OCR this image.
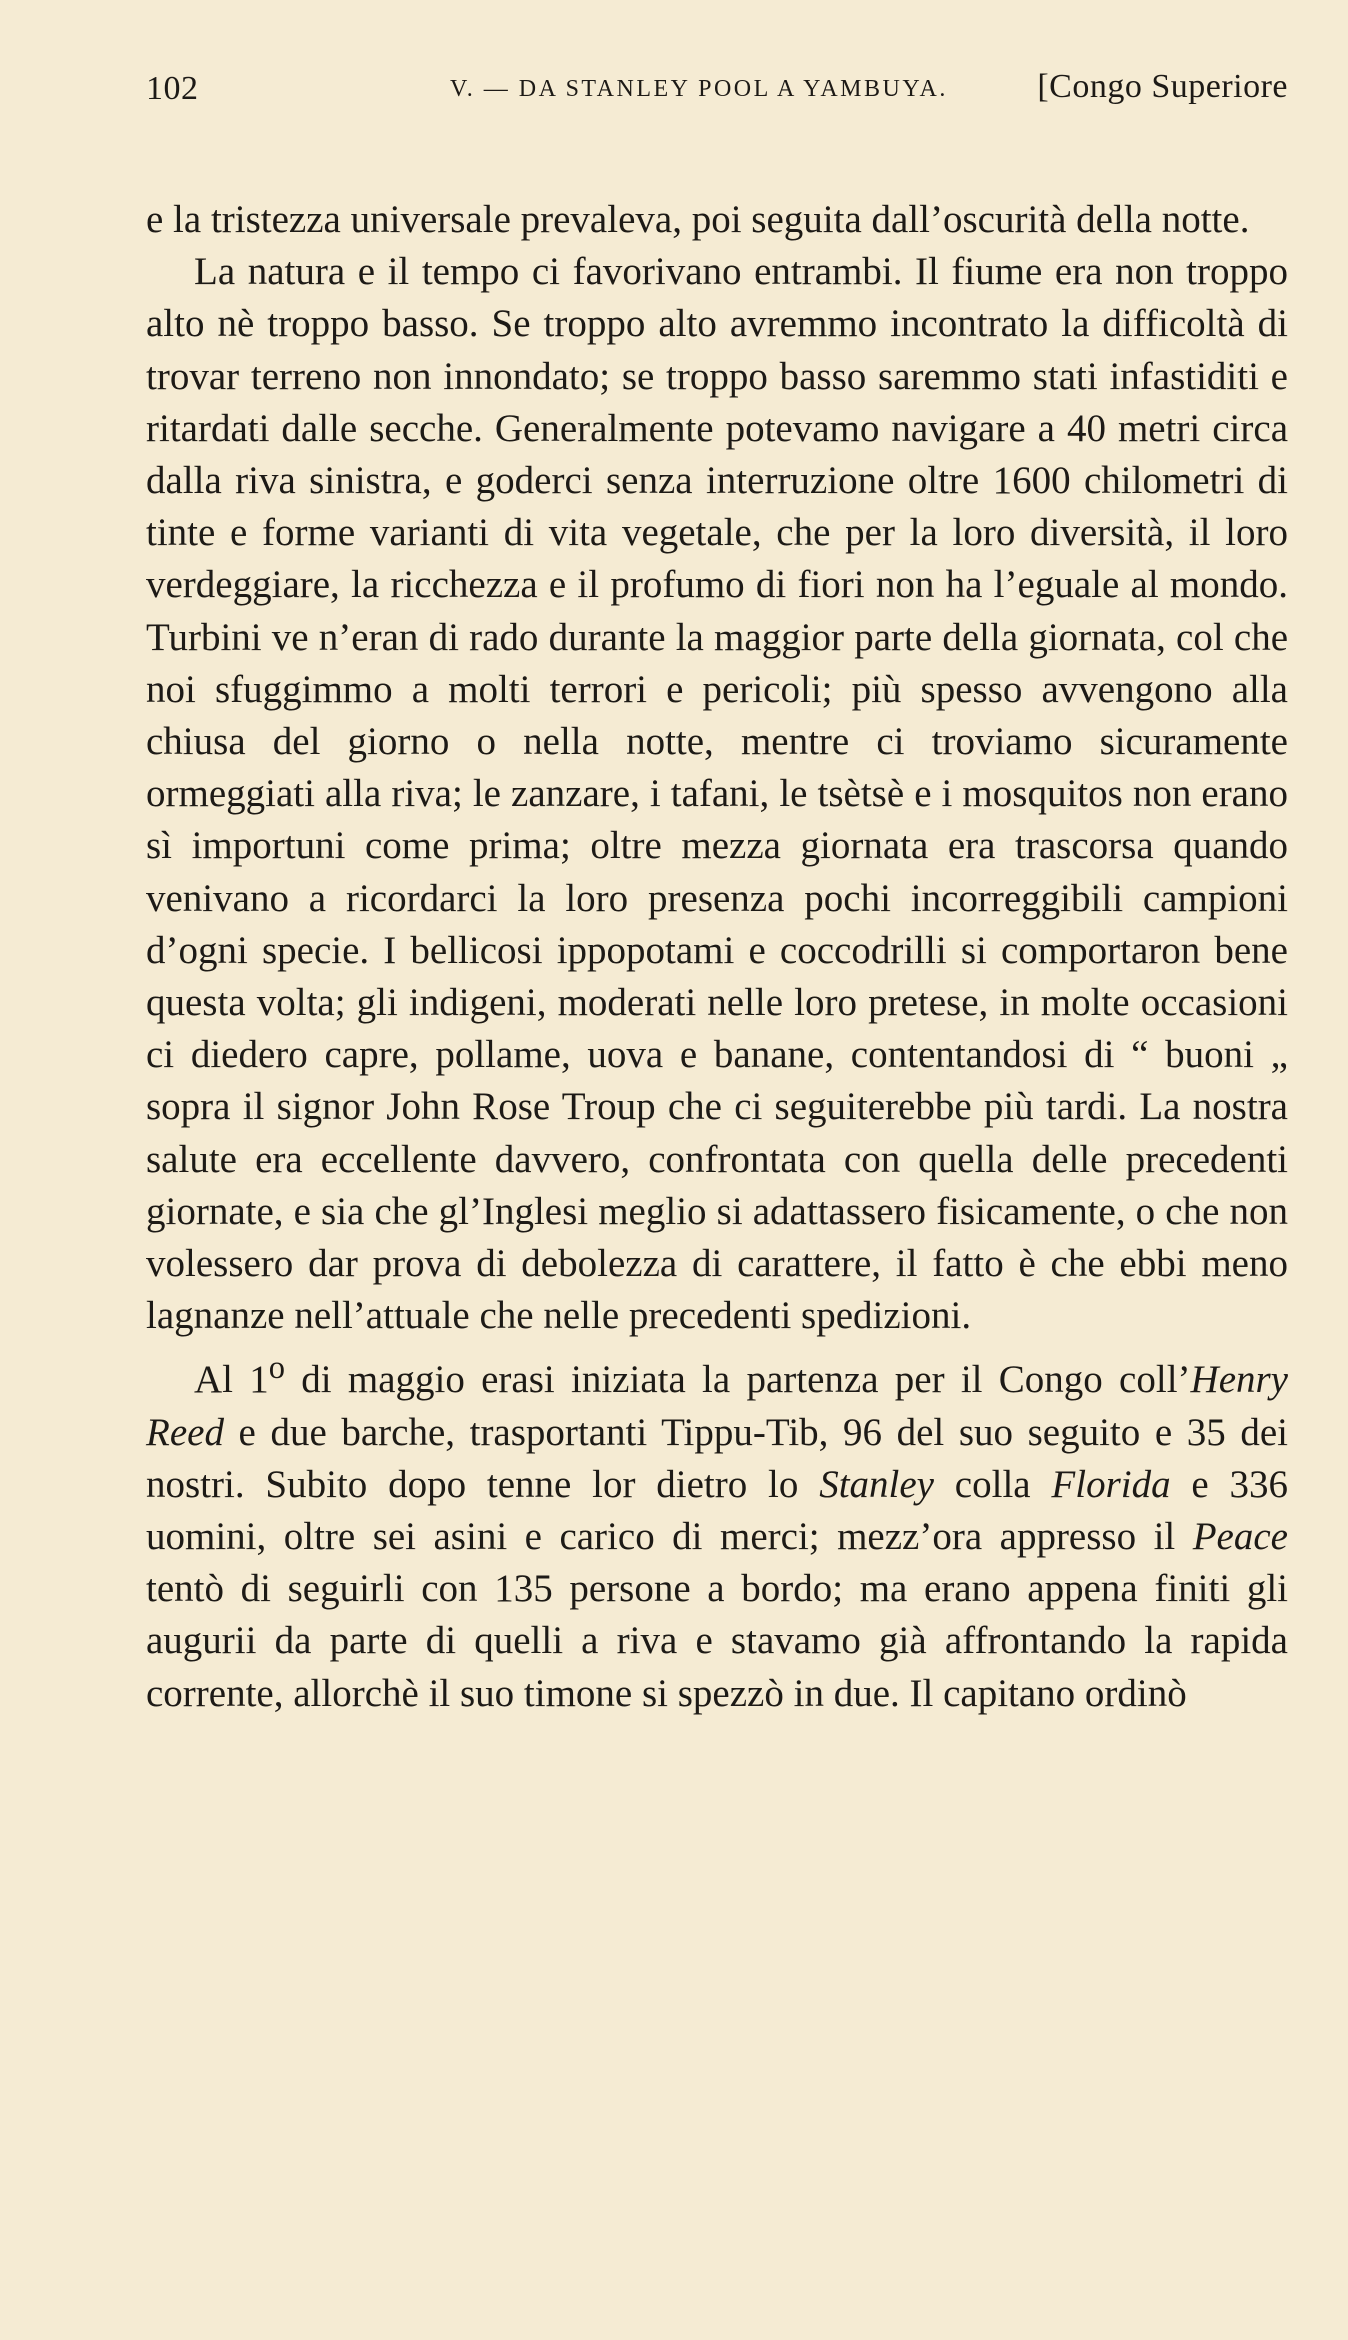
102	V. — DA STANLEY POOL A YAMBUYA.	[Congo Superiore

e la tristezza universale prevaleva, poi seguita dall’oscurità della notte.

La natura e il tempo ci favorivano entrambi. Il fiume era non troppo alto nè troppo basso. Se troppo alto avremmo incontrato la difficoltà di trovar terreno non innondato; se troppo basso saremmo stati infastiditi e ritardati dalle secche. Generalmente potevamo navigare a 40 metri circa dalla riva sinistra, e goderci senza interruzione oltre 1600 chilometri di tinte e forme varianti di vita vegetale, che per la loro diversità, il loro verdeggiare, la ricchezza e il profumo di fiori non ha l’eguale al mondo. Turbini ve n’eran di rado durante la maggior parte della giornata, col che noi sfuggimmo a molti terrori e pericoli; più spesso avvengono alla chiusa del giorno o nella notte, mentre ci troviamo sicuramente ormeggiati alla riva; le zanzare, i tafani, le tsètsè e i mosquitos non erano sì importuni come prima; oltre mezza giornata era trascorsa quando venivano a ricordarci la loro presenza pochi incorreggibili campioni d’ogni specie. I bellicosi ippopotami e coccodrilli si comportaron bene questa volta; gli indigeni, moderati nelle loro pretese, in molte occasioni ci diedero capre, pollame, uova e banane, contentandosi di “ buoni „ sopra il signor John Rose Troup che ci seguiterebbe più tardi. La nostra salute era eccellente davvero, confrontata con quella delle precedenti giornate, e sia che gl’Inglesi meglio si adattassero fisicamente, o che non volessero dar prova di debolezza di carattere, il fatto è che ebbi meno lagnanze nell’attuale che nelle precedenti spedizioni.

Al 1$^o$ di maggio erasi iniziata la partenza per il Congo coll’Henry Reed e due barche, trasportanti Tippu-Tib, 96 del suo seguito e 35 dei nostri. Subito dopo tenne lor dietro lo Stanley colla Florida e 336 uomini, oltre sei asini e carico di merci; mezz’ora appresso il Peace tentò di seguirli con 135 persone a bordo; ma erano appena finiti gli augurii da parte di quelli a riva e stavamo già affrontando la rapida corrente, allorchè il suo timone si spezzò in due. Il capitano ordinò
